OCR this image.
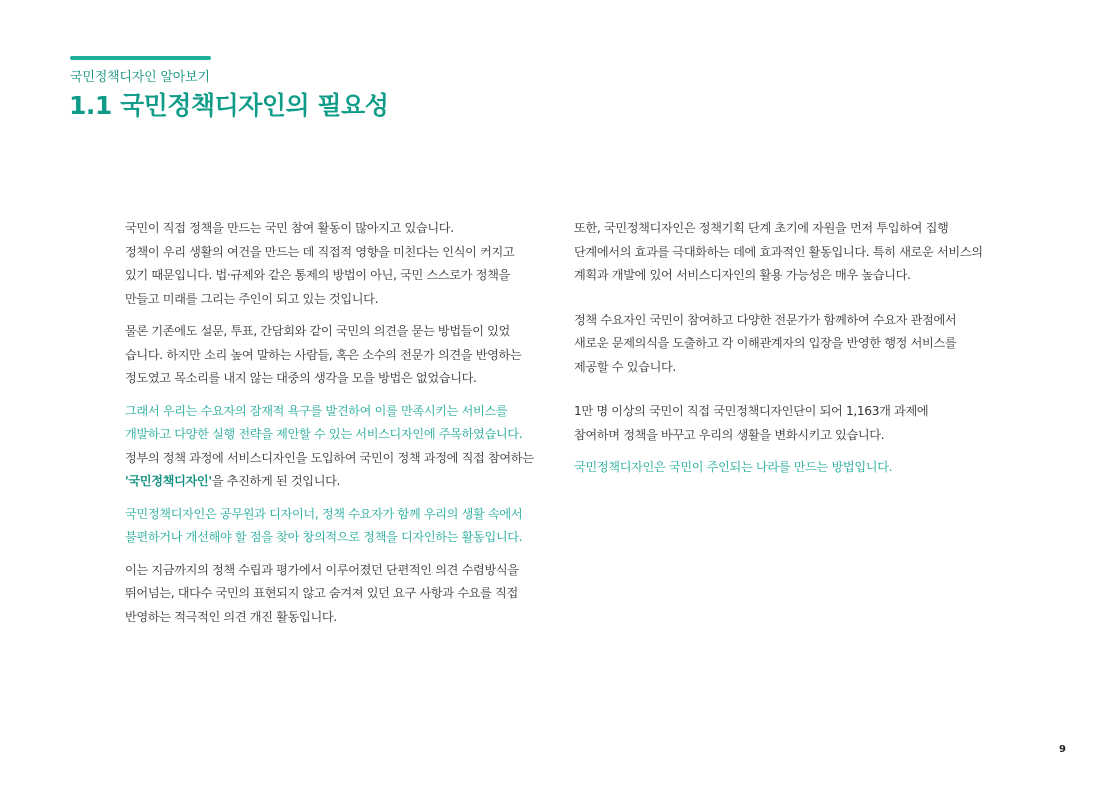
국민정책디자인 알아보기
1.1 국민정책디자인의 필요성

국민이 직접 정책을 만드는 국민 참여 활동이 많아지고 있습니다.
정책이 우리 생활의 여건을 만드는 데 직접적 영향을 미친다는 인식이 커지고
있기 때문입니다. 법·규제와 같은 통제의 방법이 아닌, 국민 스스로가 정책을
만들고 미래를 그리는 주인이 되고 있는 것입니다.

물론 기존에도 설문, 투표, 간담회와 같이 국민의 의견을 묻는 방법들이 있었
습니다. 하지만 소리 높여 말하는 사람들, 혹은 소수의 전문가 의견을 반영하는
정도였고 목소리를 내지 않는 대중의 생각을 모을 방법은 없었습니다.

그래서 우리는 수요자의 잠재적 욕구를 발견하여 이를 만족시키는 서비스를
개발하고 다양한 실행 전략을 제안할 수 있는 서비스디자인에 주목하였습니다.
정부의 정책 과정에 서비스디자인을 도입하여 국민이 정책 과정에 직접 참여하는
'국민정책디자인'을 추진하게 된 것입니다.

국민정책디자인은 공무원과 디자이너, 정책 수요자가 함께 우리의 생활 속에서
불편하거나 개선해야 할 점을 찾아 창의적으로 정책을 디자인하는 활동입니다.

이는 지금까지의 정책 수립과 평가에서 이루어졌던 단편적인 의견 수렴방식을
뛰어넘는, 대다수 국민의 표현되지 않고 숨겨져 있던 요구 사항과 수요를 직접
반영하는 적극적인 의견 개진 활동입니다.

또한, 국민정책디자인은 정책기획 단계 초기에 자원을 먼저 투입하여 집행
단계에서의 효과를 극대화하는 데에 효과적인 활동입니다. 특히 새로운 서비스의
계획과 개발에 있어 서비스디자인의 활용 가능성은 매우 높습니다.

정책 수요자인 국민이 참여하고 다양한 전문가가 함께하여 수요자 관점에서
새로운 문제의식을 도출하고 각 이해관계자의 입장을 반영한 행정 서비스를
제공할 수 있습니다.

1만 명 이상의 국민이 직접 국민정책디자인단이 되어 1,163개 과제에
참여하며 정책을 바꾸고 우리의 생활을 변화시키고 있습니다.

국민정책디자인은 국민이 주인되는 나라를 만드는 방법입니다.

9
